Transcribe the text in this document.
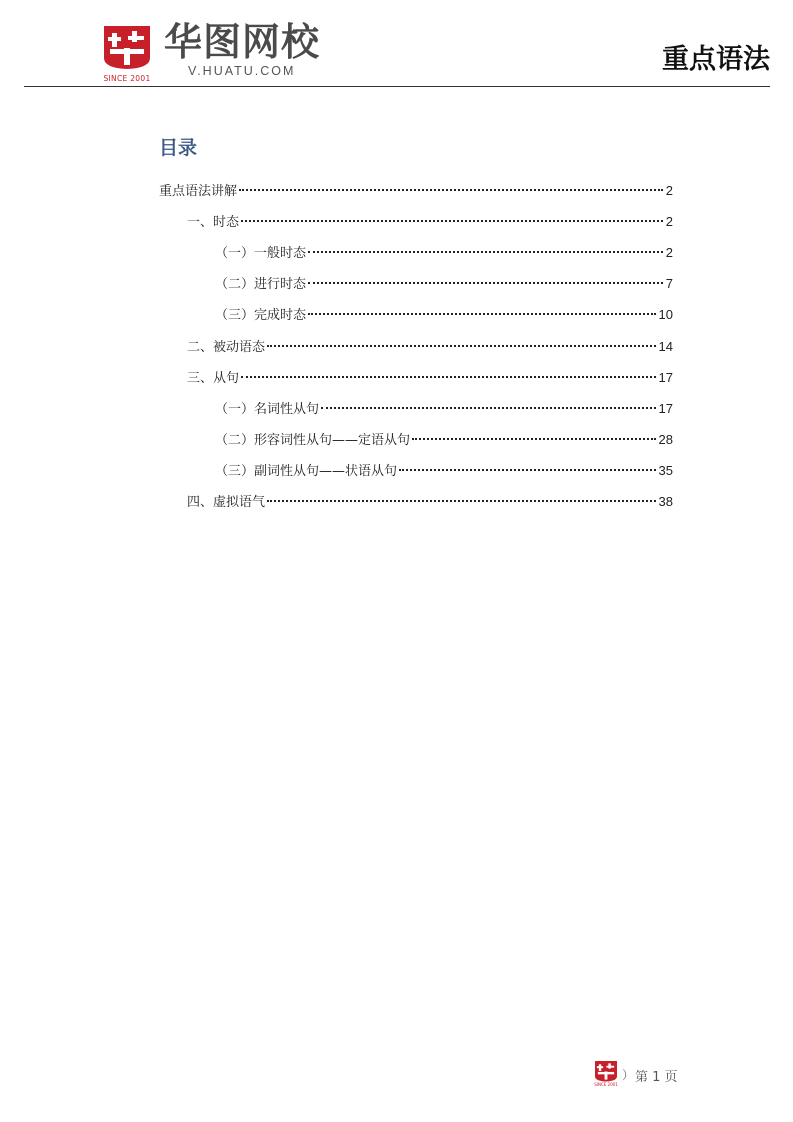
SINCE 2001
华图网校
V.HUATU.COM	重点语法
目录
重点语法讲解	2
一、时态	2
（一）一般时态	2
（二）进行时态	7
（三）完成时态	10
二、被动语态	14
三、从句	17
（一）名词性从句	17
（二）形容词性从句——定语从句	28
（三）副词性从句——状语从句	35
四、虚拟语气	38
SINCE 2001
） 第 1 页
